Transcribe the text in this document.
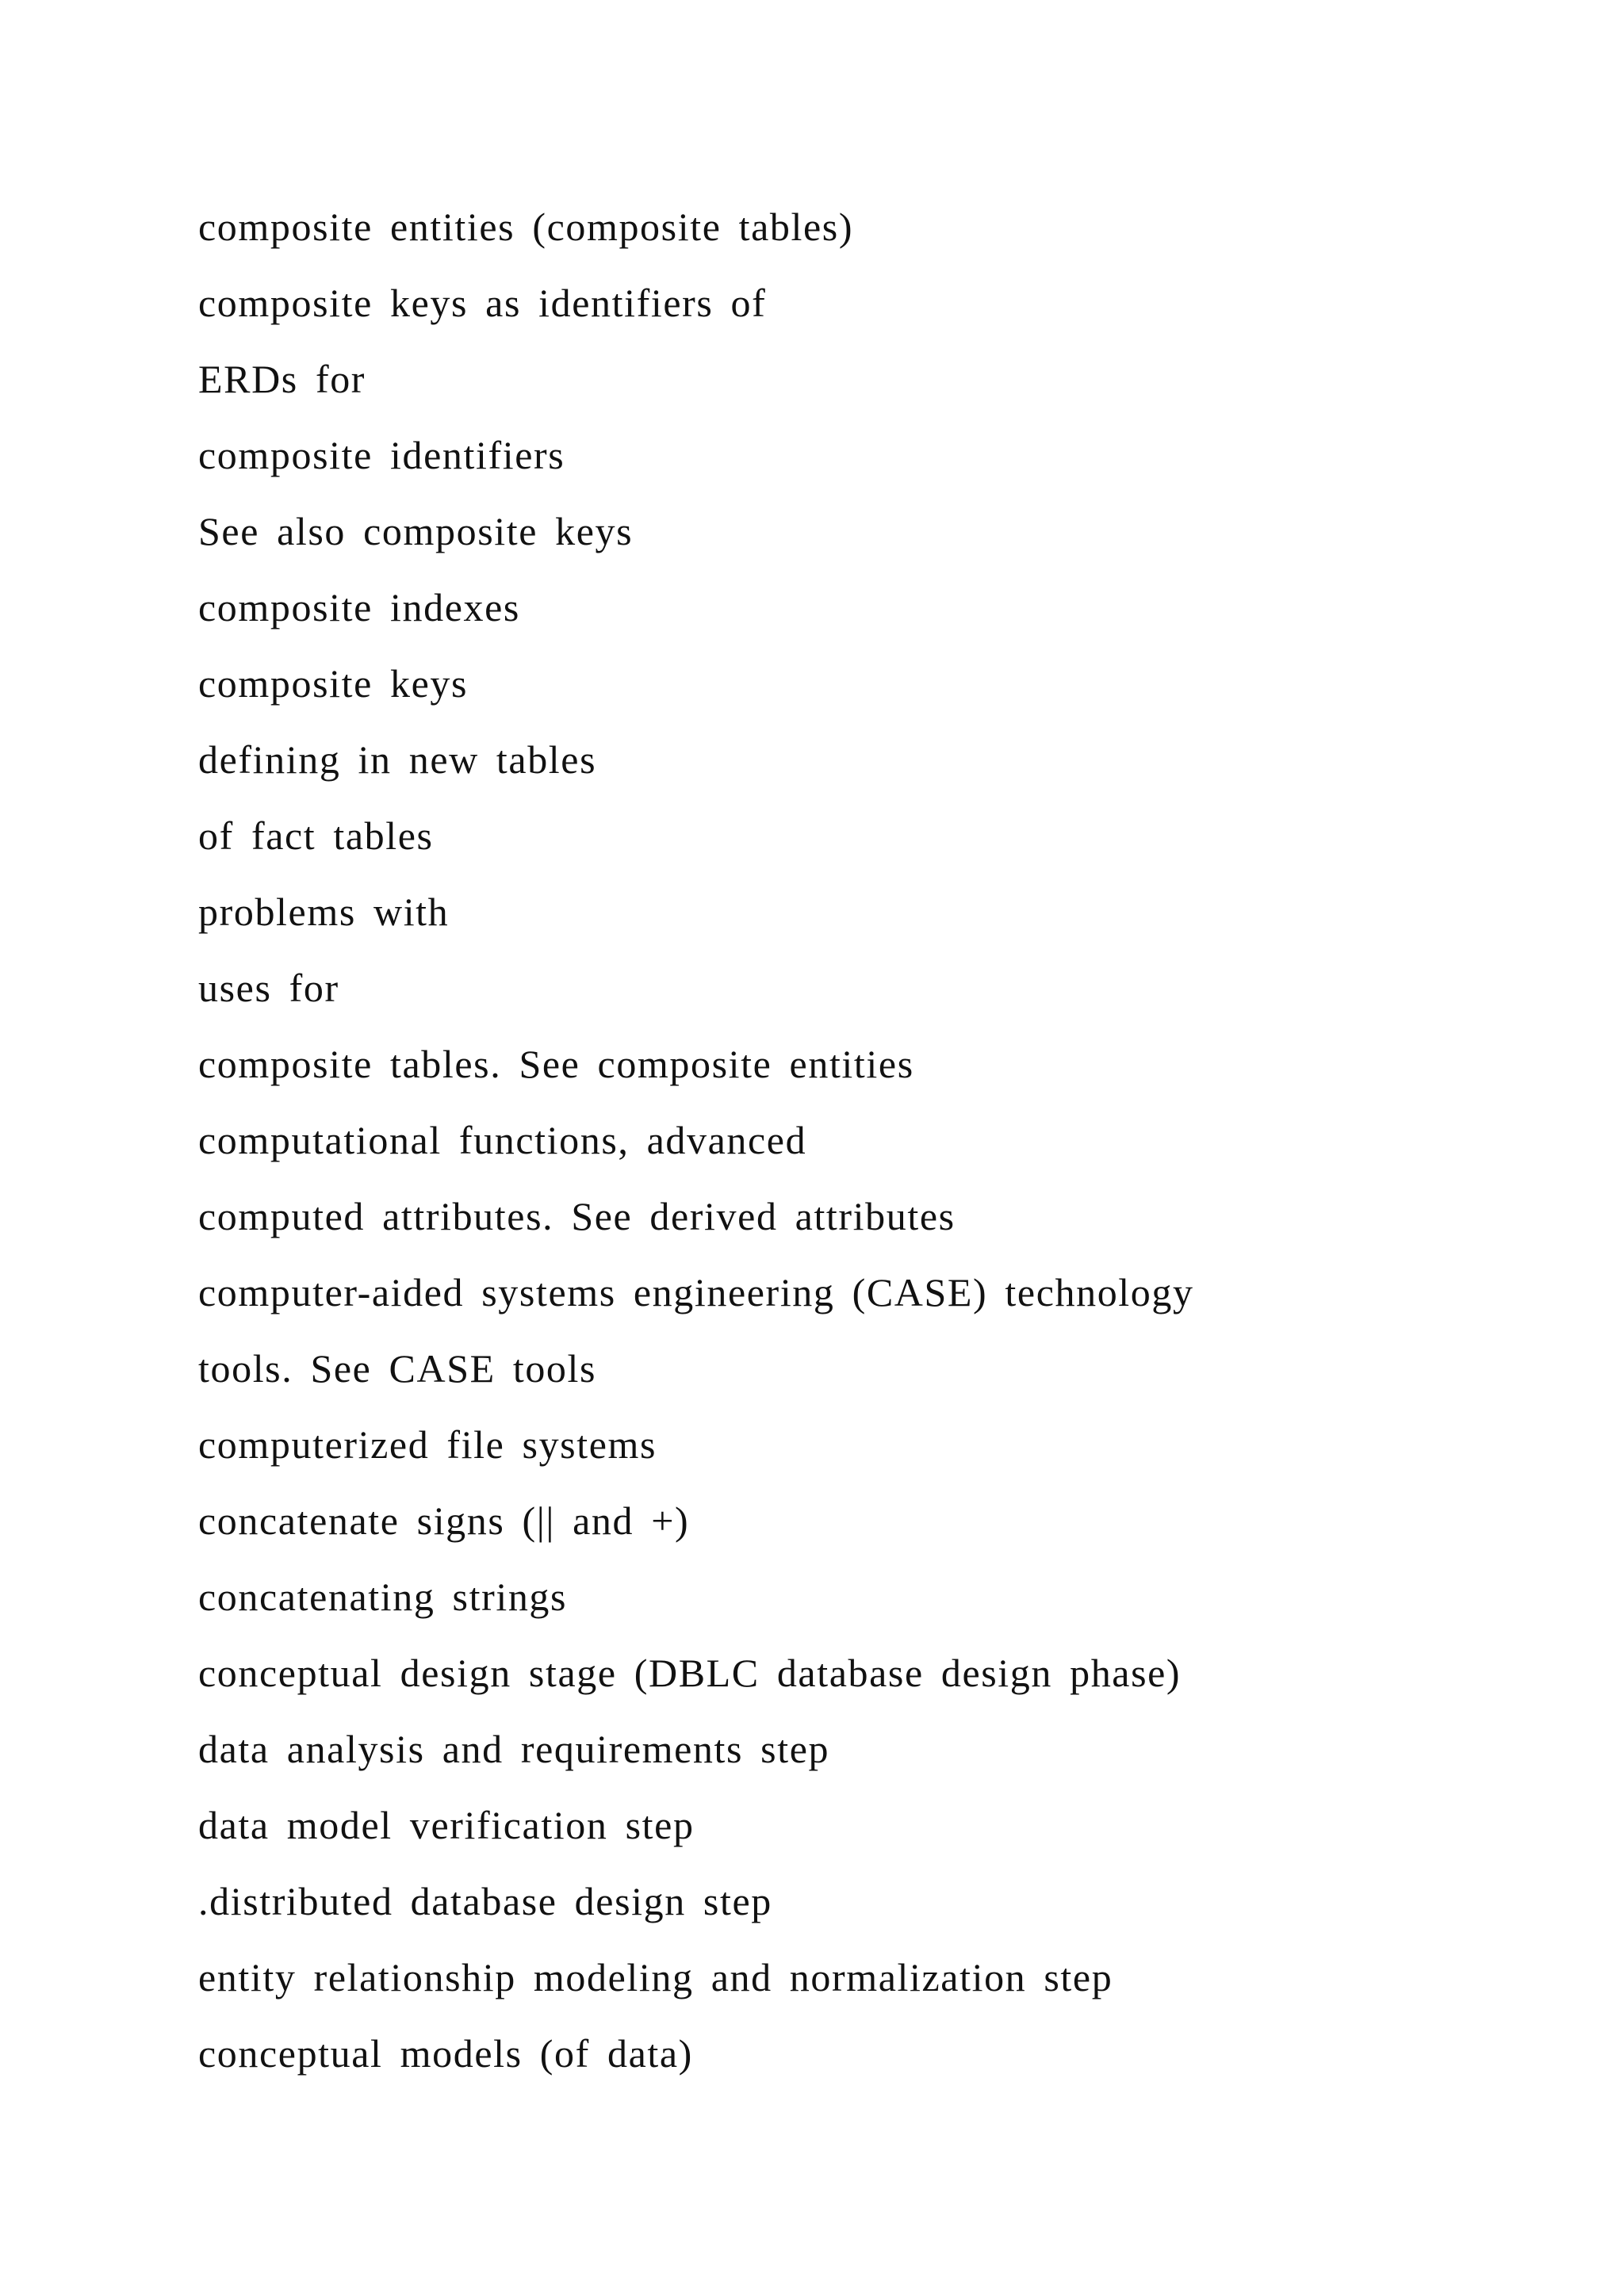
composite entities (composite tables)
composite keys as identifiers of
ERDs for
composite identifiers
See also composite keys
composite indexes
composite keys
defining in new tables
of fact tables
problems with
uses for
composite tables. See composite entities
computational functions, advanced
computed attributes. See derived attributes
computer-aided systems engineering (CASE) technology
tools. See CASE tools
computerized file systems
concatenate signs (|| and +)
concatenating strings
conceptual design stage (DBLC database design phase)
data analysis and requirements step
data model verification step
.distributed database design step
entity relationship modeling and normalization step
conceptual models (of data)
